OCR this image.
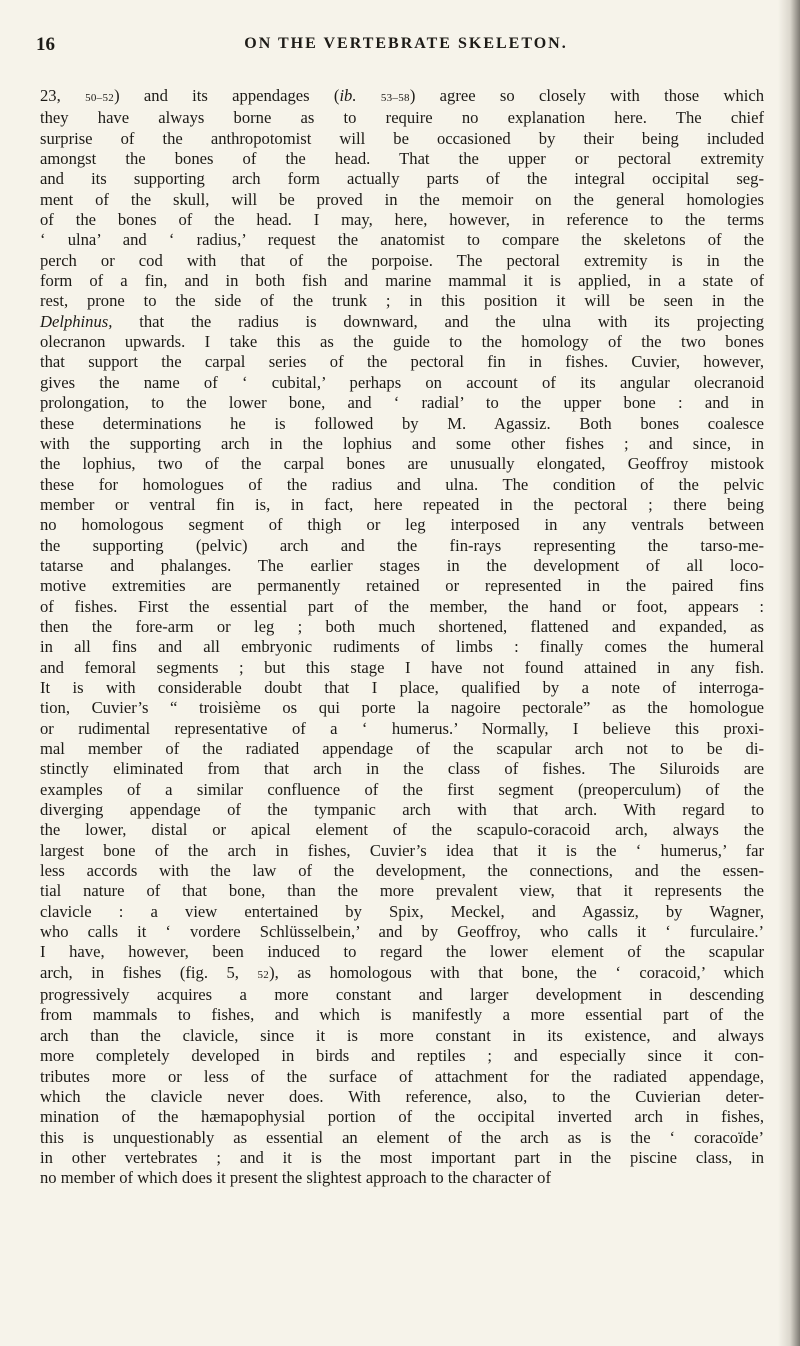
16	ON THE VERTEBRATE SKELETON.
23, 50–52) and its appendages (ib. 53–58) agree so closely with those which
they have always borne as to require no explanation here. The chief
surprise of the anthropotomist will be occasioned by their being included
amongst the bones of the head. That the upper or pectoral extremity
and its supporting arch form actually parts of the integral occipital seg-
ment of the skull, will be proved in the memoir on the general homologies
of the bones of the head. I may, here, however, in reference to the terms
‘ ulna’ and ‘ radius,’ request the anatomist to compare the skeletons of the
perch or cod with that of the porpoise. The pectoral extremity is in the
form of a fin, and in both fish and marine mammal it is applied, in a state of
rest, prone to the side of the trunk ; in this position it will be seen in the
Delphinus, that the radius is downward, and the ulna with its projecting
olecranon upwards. I take this as the guide to the homology of the two bones
that support the carpal series of the pectoral fin in fishes. Cuvier, however,
gives the name of ‘ cubital,’ perhaps on account of its angular olecranoid
prolongation, to the lower bone, and ‘ radial’ to the upper bone : and in
these determinations he is followed by M. Agassiz. Both bones coalesce
with the supporting arch in the lophius and some other fishes ; and since, in
the lophius, two of the carpal bones are unusually elongated, Geoffroy mistook
these for homologues of the radius and ulna. The condition of the pelvic
member or ventral fin is, in fact, here repeated in the pectoral ; there being
no homologous segment of thigh or leg interposed in any ventrals between
the supporting (pelvic) arch and the fin-rays representing the tarso-me-
tatarse and phalanges. The earlier stages in the development of all loco-
motive extremities are permanently retained or represented in the paired fins
of fishes. First the essential part of the member, the hand or foot, appears :
then the fore-arm or leg ; both much shortened, flattened and expanded, as
in all fins and all embryonic rudiments of limbs : finally comes the humeral
and femoral segments ; but this stage I have not found attained in any fish.
It is with considerable doubt that I place, qualified by a note of interroga-
tion, Cuvier’s “ troisième os qui porte la nagoire pectorale” as the homologue
or rudimental representative of a ‘ humerus.’ Normally, I believe this proxi-
mal member of the radiated appendage of the scapular arch not to be di-
stinctly eliminated from that arch in the class of fishes. The Siluroids are
examples of a similar confluence of the first segment (preoperculum) of the
diverging appendage of the tympanic arch with that arch. With regard to
the lower, distal or apical element of the scapulo-coracoid arch, always the
largest bone of the arch in fishes, Cuvier’s idea that it is the ‘ humerus,’ far
less accords with the law of the development, the connections, and the essen-
tial nature of that bone, than the more prevalent view, that it represents the
clavicle : a view entertained by Spix, Meckel, and Agassiz, by Wagner,
who calls it ‘ vordere Schlüsselbein,’ and by Geoffroy, who calls it ‘ furculaire.’
I have, however, been induced to regard the lower element of the scapular
arch, in fishes (fig. 5, 52), as homologous with that bone, the ‘ coracoid,’ which
progressively acquires a more constant and larger development in descending
from mammals to fishes, and which is manifestly a more essential part of the
arch than the clavicle, since it is more constant in its existence, and always
more completely developed in birds and reptiles ; and especially since it con-
tributes more or less of the surface of attachment for the radiated appendage,
which the clavicle never does. With reference, also, to the Cuvierian deter-
mination of the hæmapophysial portion of the occipital inverted arch in fishes,
this is unquestionably as essential an element of the arch as is the ‘ coracoïde’
in other vertebrates ; and it is the most important part in the piscine class, in
no member of which does it present the slightest approach to the character of
